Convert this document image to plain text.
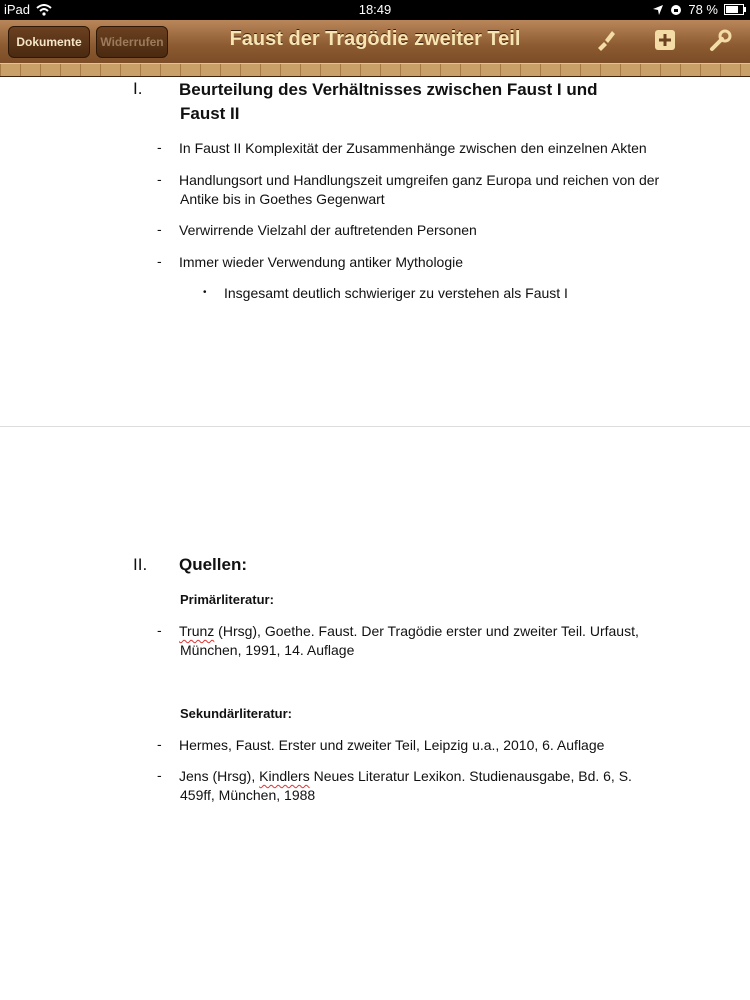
iPad	18:49	78 %
Dokumente	Widerrufen	Faust der Tragödie zweiter Teil
I. Beurteilung des Verhältnisses zwischen Faust I und
Faust II
- In Faust II Komplexität der Zusammenhänge zwischen den einzelnen Akten
- Handlungsort und Handlungszeit umgreifen ganz Europa und reichen von der
Antike bis in Goethes Gegenwart
- Verwirrende Vielzahl der auftretenden Personen
- Immer wieder Verwendung antiker Mythologie
• Insgesamt deutlich schwieriger zu verstehen als Faust I
II. Quellen:
Primärliteratur:
- Trunz (Hrsg), Goethe. Faust. Der Tragödie erster und zweiter Teil. Urfaust,
München, 1991, 14. Auflage
Sekundärliteratur:
- Hermes, Faust. Erster und zweiter Teil, Leipzig u.a., 2010, 6. Auflage
- Jens (Hrsg), Kindlers Neues Literatur Lexikon. Studienausgabe, Bd. 6, S.
459ff, München, 1988
